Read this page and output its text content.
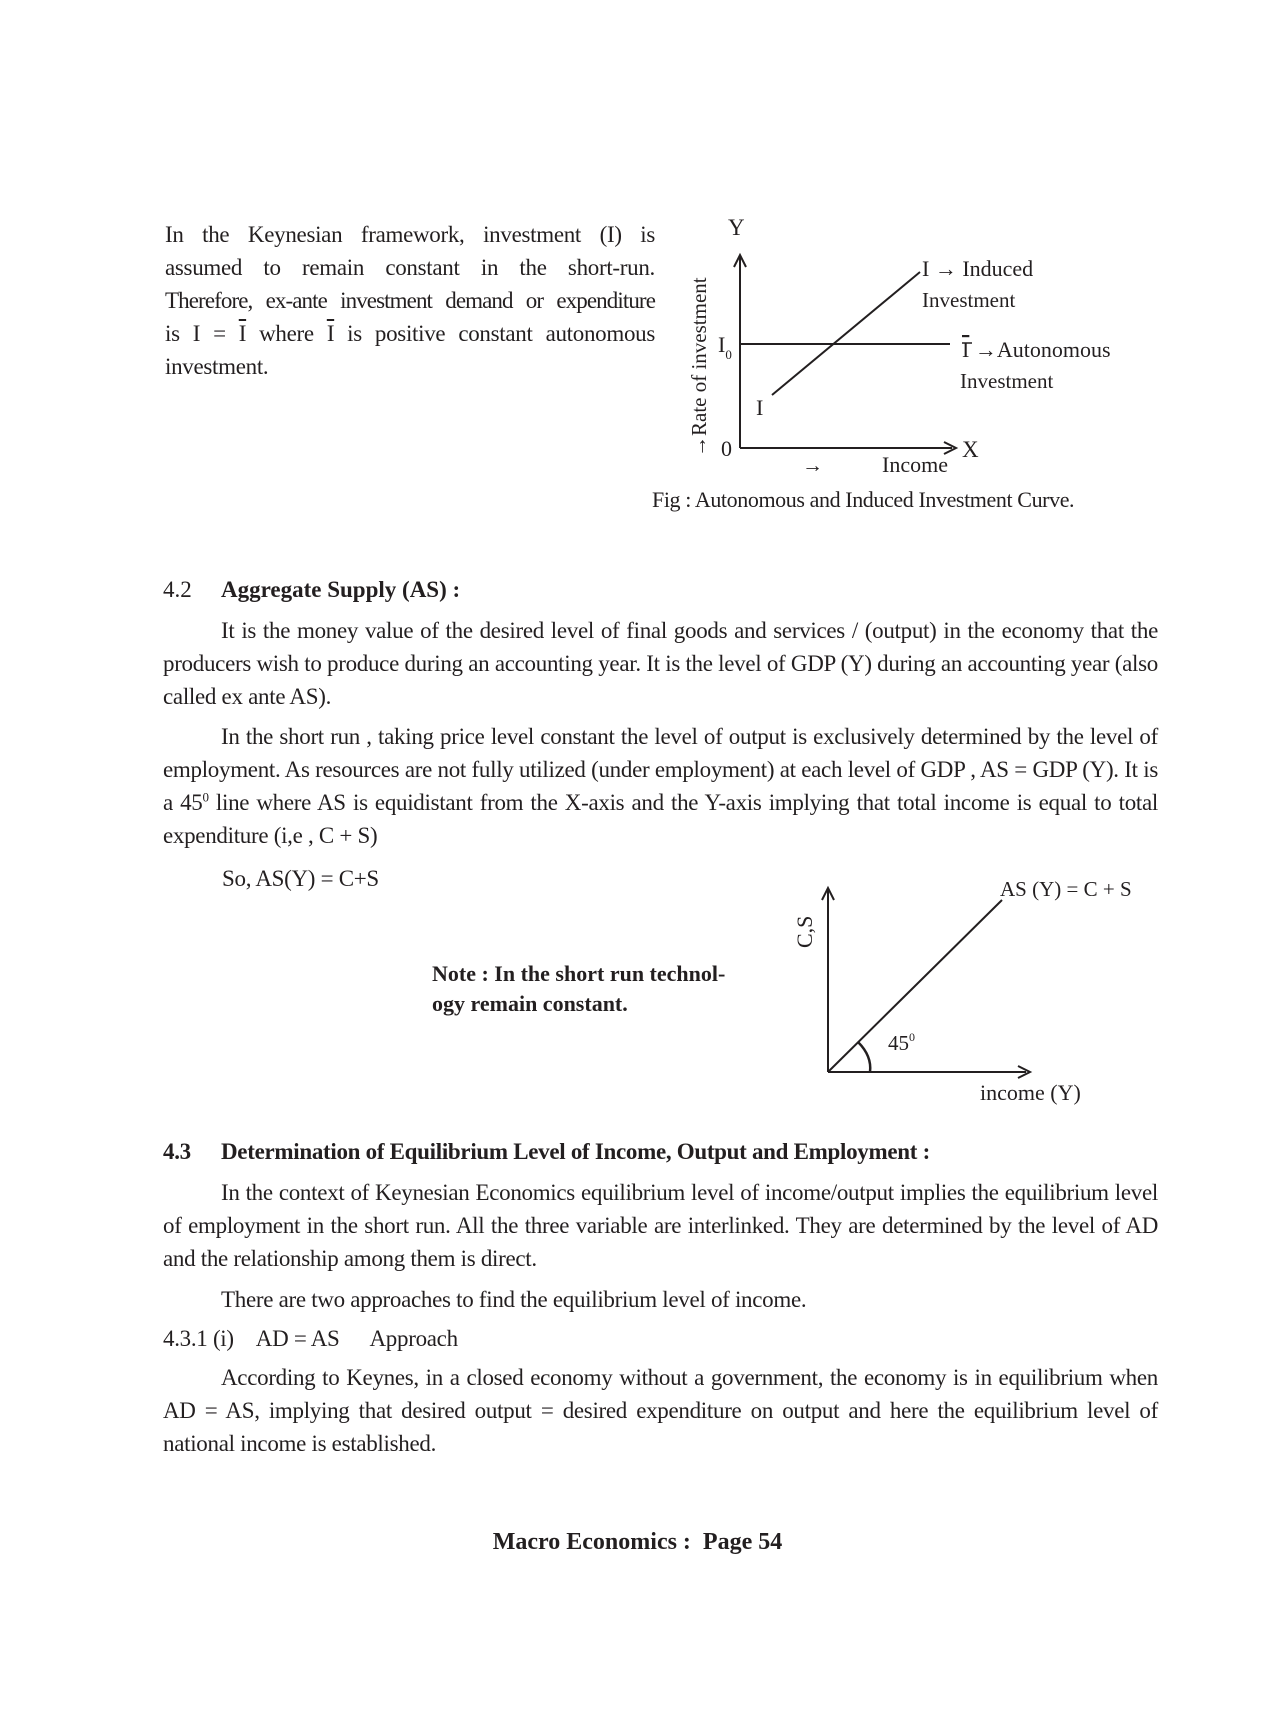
In the Keynesian framework, investment (I) is
assumed to remain constant in the short-run.
Therefore, ex-ante investment demand or expenditure
is $I = \overline{I}$ where $\overline{I}$ is positive constant autonomous
investment.
Y
X
0
$I_0$
I
I → Induced
Investment
I →Autonomous
Investment
→Rate of investment
→	Income
Fig : Autonomous and Induced Investment Curve.
4.2 Aggregate Supply (AS) :
It is the money value of the desired level of final goods and services / (output) in the economy that the producers wish to produce during an accounting year. It is the level of GDP (Y) during an accounting year (also called ex ante AS).
In the short run , taking price level constant the level of output is exclusively determined by the level of employment. As resources are not fully utilized (under employment) at each level of GDP , AS = GDP (Y). It is a $45^0$ line where AS is equidistant from the X-axis and the Y-axis implying that total income is equal to total expenditure (i,e , C + S)
So, AS(Y) = C+S
Note : In the short run technol-
ogy remain constant.
C,S
AS (Y) = C + S
$45^0$
income (Y)
4.3 Determination of Equilibrium Level of Income, Output and Employment :
In the context of Keynesian Economics equilibrium level of income/output implies the equilibrium level of employment in the short run. All the three variable are interlinked. They are determined by the level of AD and the relationship among them is direct.
There are two approaches to find the equilibrium level of income.
4.3.1 (i) AD = AS Approach
According to Keynes, in a closed economy without a government, the economy is in equilibrium when AD = AS, implying that desired output = desired expenditure on output and here the equilibrium level of national income is established.
Macro Economics :  Page 54
